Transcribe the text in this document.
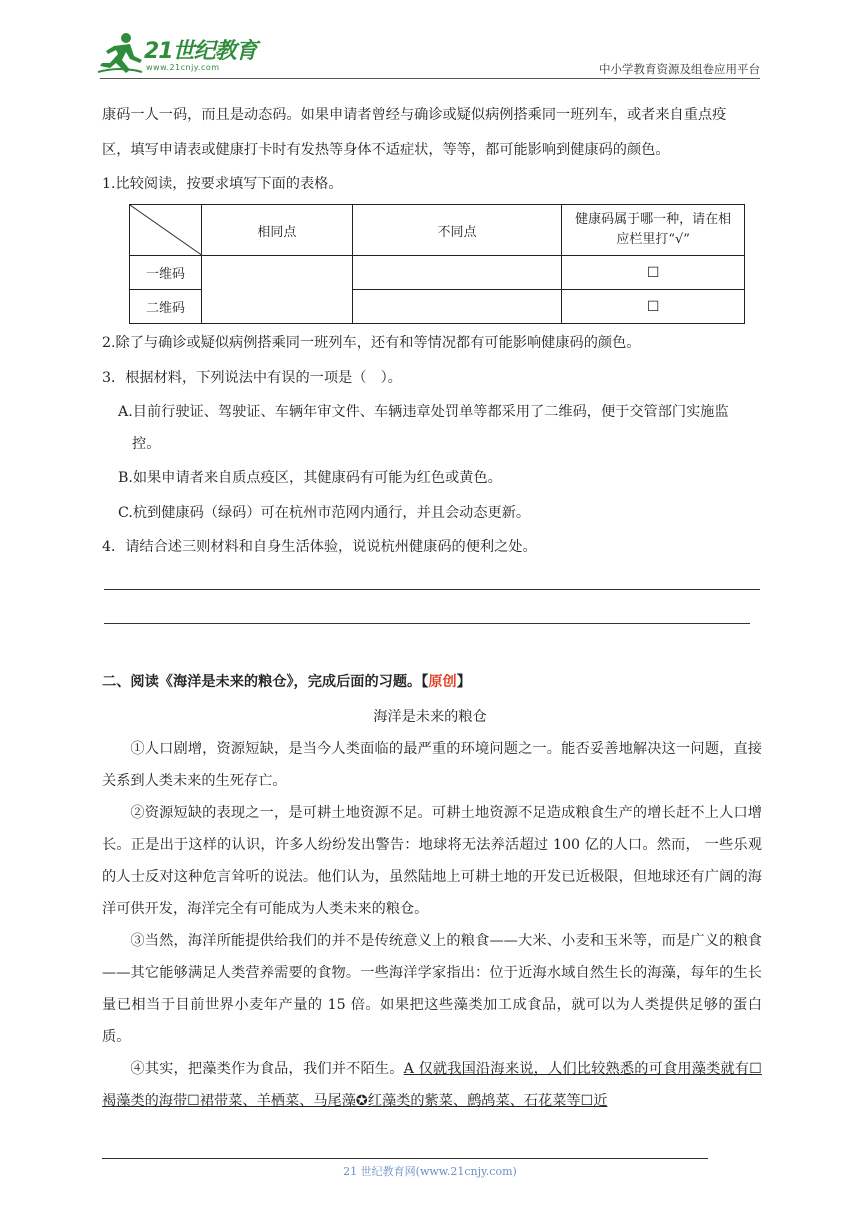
21世纪教育
www.21cnjy.com	中小学教育资源及组卷应用平台
康码一人一码，而且是动态码。如果申请者曾经与确诊或疑似病例搭乘同一班列车，或者来自重点疫
区，填写申请表或健康打卡时有发热等身体不适症状，等等，都可能影响到健康码的颜色。
1.比较阅读，按要求填写下面的表格。
	相同点	不同点	健康码属于哪一种，请在相应栏里打“√”
一维码			☐
二维码			☐
2.除了与确诊或疑似病例搭乘同一班列车，还有和等情况都有可能影响健康码的颜色。
3．根据材料，下列说法中有误的一项是（　）。
A.目前行驶证、驾驶证、车辆年审文件、车辆违章处罚单等都采用了二维码，便于交管部门实施监
控。
B.如果申请者来自质点疫区，其健康码有可能为红色或黄色。
C.杭到健康码（绿码）可在杭州市范网内通行，并且会动态更新。
4．请结合述三则材料和自身生活体验，说说杭州健康码的便利之处。
二、阅读《海洋是未来的粮仓》，完成后面的习题。【原创】
海洋是未来的粮仓

①人口剧增，资源短缺，是当今人类面临的最严重的环境问题之一。能否妥善地解决这一问题，直接关系到人类未来的生死存亡。

②资源短缺的表现之一，是可耕土地资源不足。可耕土地资源不足造成粮食生产的增长赶不上人口增长。正是出于这样的认识，许多人纷纷发出警告：地球将无法养活超过 100 亿的人口。然而， 一些乐观的人士反对这种危言耸听的说法。他们认为，虽然陆地上可耕土地的开发已近极限，但地球还有广阔的海洋可供开发，海洋完全有可能成为人类未来的粮仓。

③当然，海洋所能提供给我们的并不是传统意义上的粮食——大米、小麦和玉米等，而是广义的粮食——其它能够满足人类营养需要的食物。一些海洋学家指出：位于近海水域自然生长的海藻，每年的生长量已相当于目前世界小麦年产量的 15 倍。如果把这些藻类加工成食品，就可以为人类提供足够的蛋白质。

④其实，把藻类作为食品，我们并不陌生。A 仅就我国沿海来说，人们比较熟悉的可食用藻类就有☐褐藻类的海带☐裙带菜、羊栖菜、马尾藻✪红藻类的紫菜、鹧鸪菜、石花菜等☐近

21 世纪教育网(www.21cnjy.com)
